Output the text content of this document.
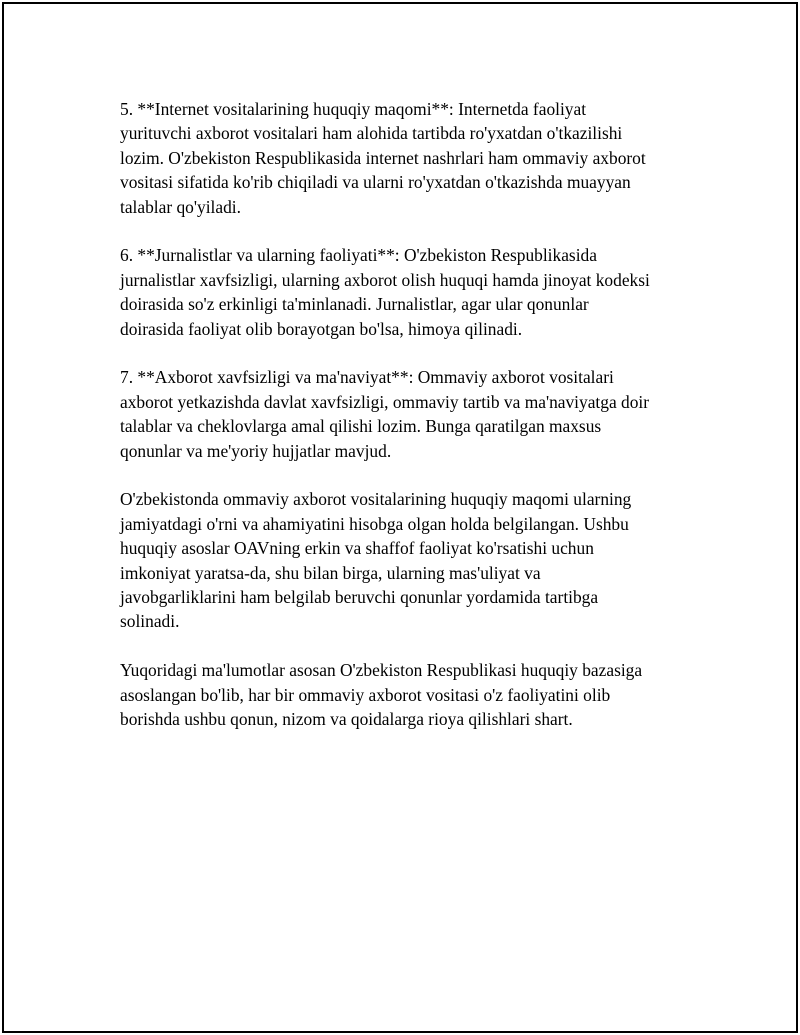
5. **Internet vositalarining huquqiy maqomi**: Internetda faoliyat
yurituvchi axborot vositalari ham alohida tartibda ro'yxatdan o'tkazilishi
lozim. O'zbekiston Respublikasida internet nashrlari ham ommaviy axborot
vositasi sifatida ko'rib chiqiladi va ularni ro'yxatdan o'tkazishda muayyan
talablar qo'yiladi.

6. **Jurnalistlar va ularning faoliyati**: O'zbekiston Respublikasida
jurnalistlar xavfsizligi, ularning axborot olish huquqi hamda jinoyat kodeksi
doirasida so'z erkinligi ta'minlanadi. Jurnalistlar, agar ular qonunlar
doirasida faoliyat olib borayotgan bo'lsa, himoya qilinadi.

7. **Axborot xavfsizligi va ma'naviyat**: Ommaviy axborot vositalari
axborot yetkazishda davlat xavfsizligi, ommaviy tartib va ma'naviyatga doir
talablar va cheklovlarga amal qilishi lozim. Bunga qaratilgan maxsus
qonunlar va me'yoriy hujjatlar mavjud.

O'zbekistonda ommaviy axborot vositalarining huquqiy maqomi ularning
jamiyatdagi o'rni va ahamiyatini hisobga olgan holda belgilangan. Ushbu
huquqiy asoslar OAVning erkin va shaffof faoliyat ko'rsatishi uchun
imkoniyat yaratsa-da, shu bilan birga, ularning mas'uliyat va
javobgarliklarini ham belgilab beruvchi qonunlar yordamida tartibga
solinadi.

Yuqoridagi ma'lumotlar asosan O'zbekiston Respublikasi huquqiy bazasiga
asoslangan bo'lib, har bir ommaviy axborot vositasi o'z faoliyatini olib
borishda ushbu qonun, nizom va qoidalarga rioya qilishlari shart.
